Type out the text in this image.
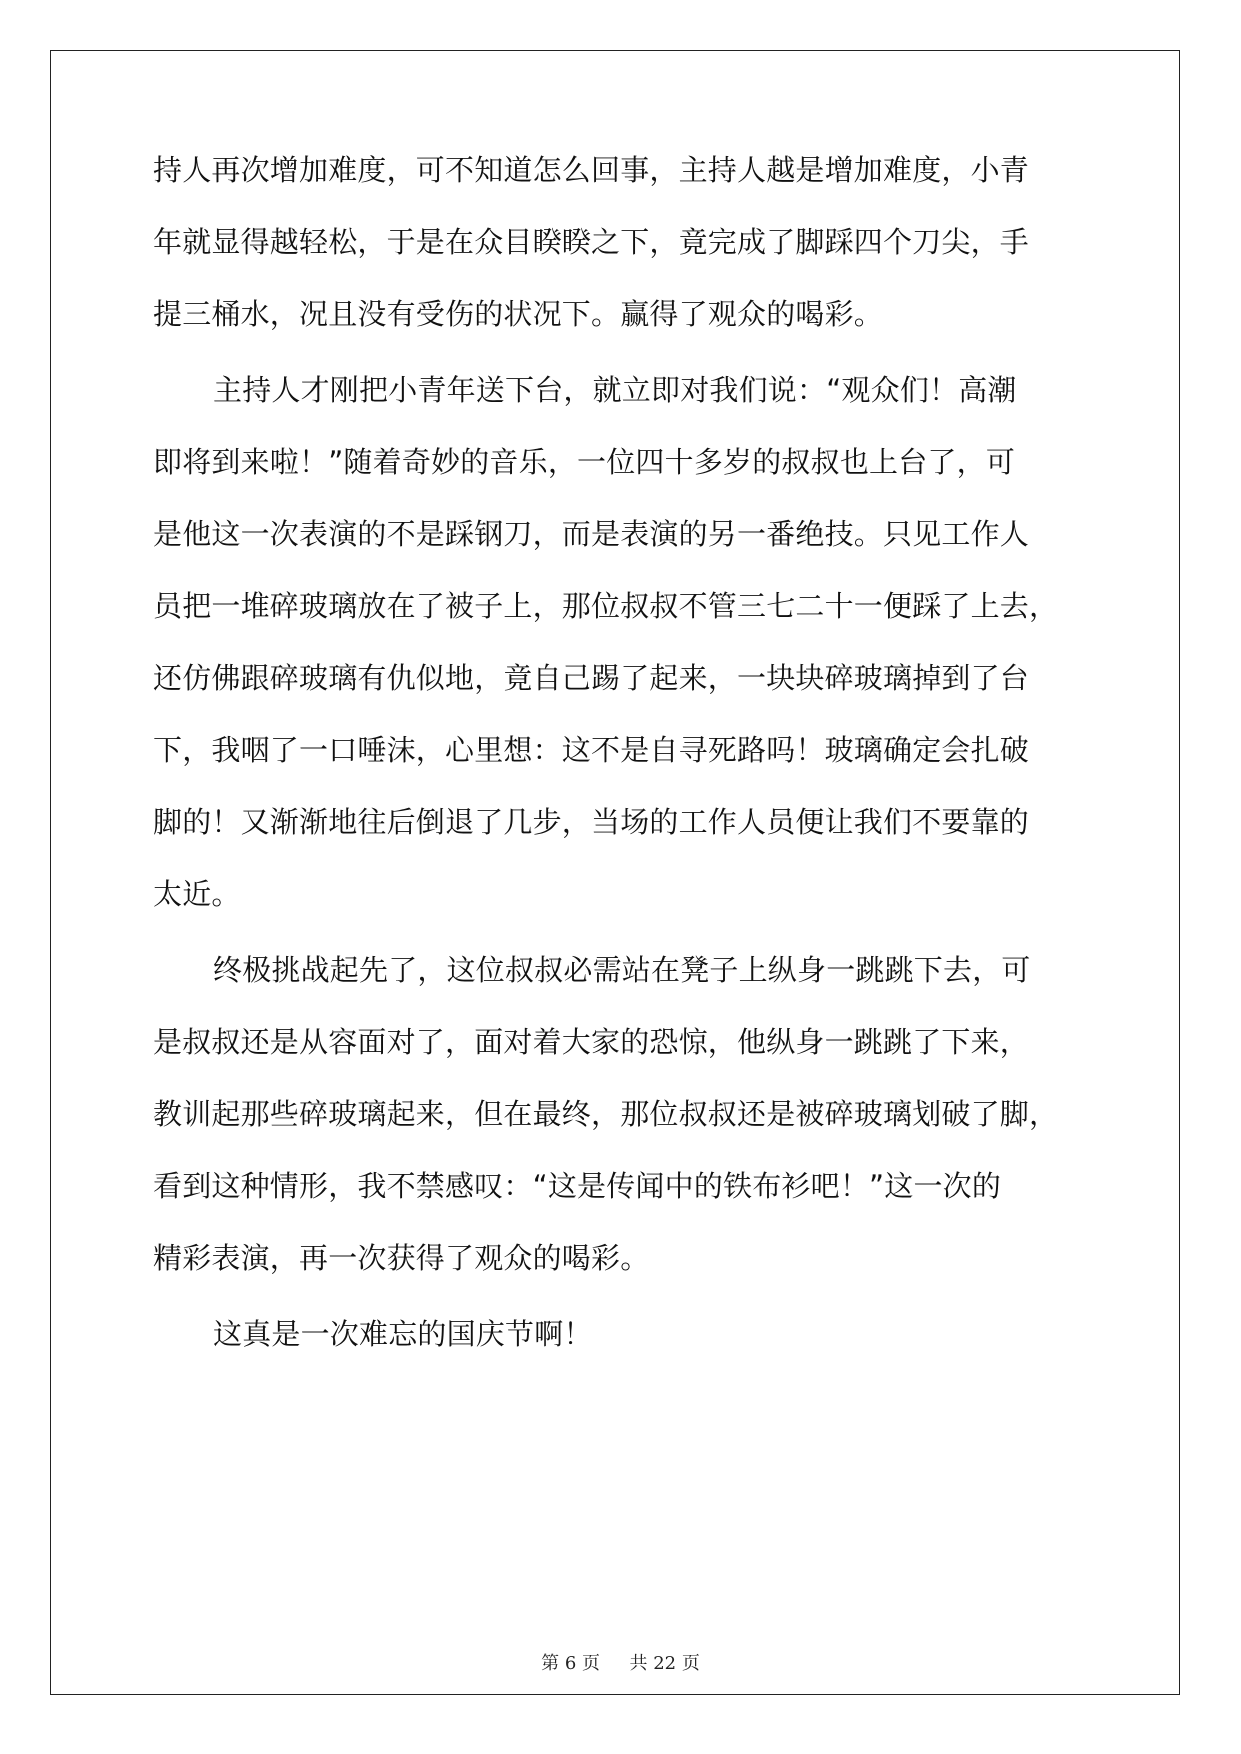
持人再次增加难度，可不知道怎么回事，主持人越是增加难度，小青
年就显得越轻松，于是在众目睽睽之下，竟完成了脚踩四个刀尖，手
提三桶水，况且没有受伤的状况下。赢得了观众的喝彩。
主持人才刚把小青年送下台，就立即对我们说：“观众们！高潮
即将到来啦！”随着奇妙的音乐，一位四十多岁的叔叔也上台了，可
是他这一次表演的不是踩钢刀，而是表演的另一番绝技。只见工作人
员把一堆碎玻璃放在了被子上，那位叔叔不管三七二十一便踩了上去，
还仿佛跟碎玻璃有仇似地，竟自己踢了起来，一块块碎玻璃掉到了台
下，我咽了一口唾沫，心里想：这不是自寻死路吗！玻璃确定会扎破
脚的！又渐渐地往后倒退了几步，当场的工作人员便让我们不要靠的
太近。
终极挑战起先了，这位叔叔必需站在凳子上纵身一跳跳下去，可
是叔叔还是从容面对了，面对着大家的恐惊，他纵身一跳跳了下来，
教训起那些碎玻璃起来，但在最终，那位叔叔还是被碎玻璃划破了脚，
看到这种情形，我不禁感叹：“这是传闻中的铁布衫吧！”这一次的
精彩表演，再一次获得了观众的喝彩。
这真是一次难忘的国庆节啊！
第 6 页 共 22 页
